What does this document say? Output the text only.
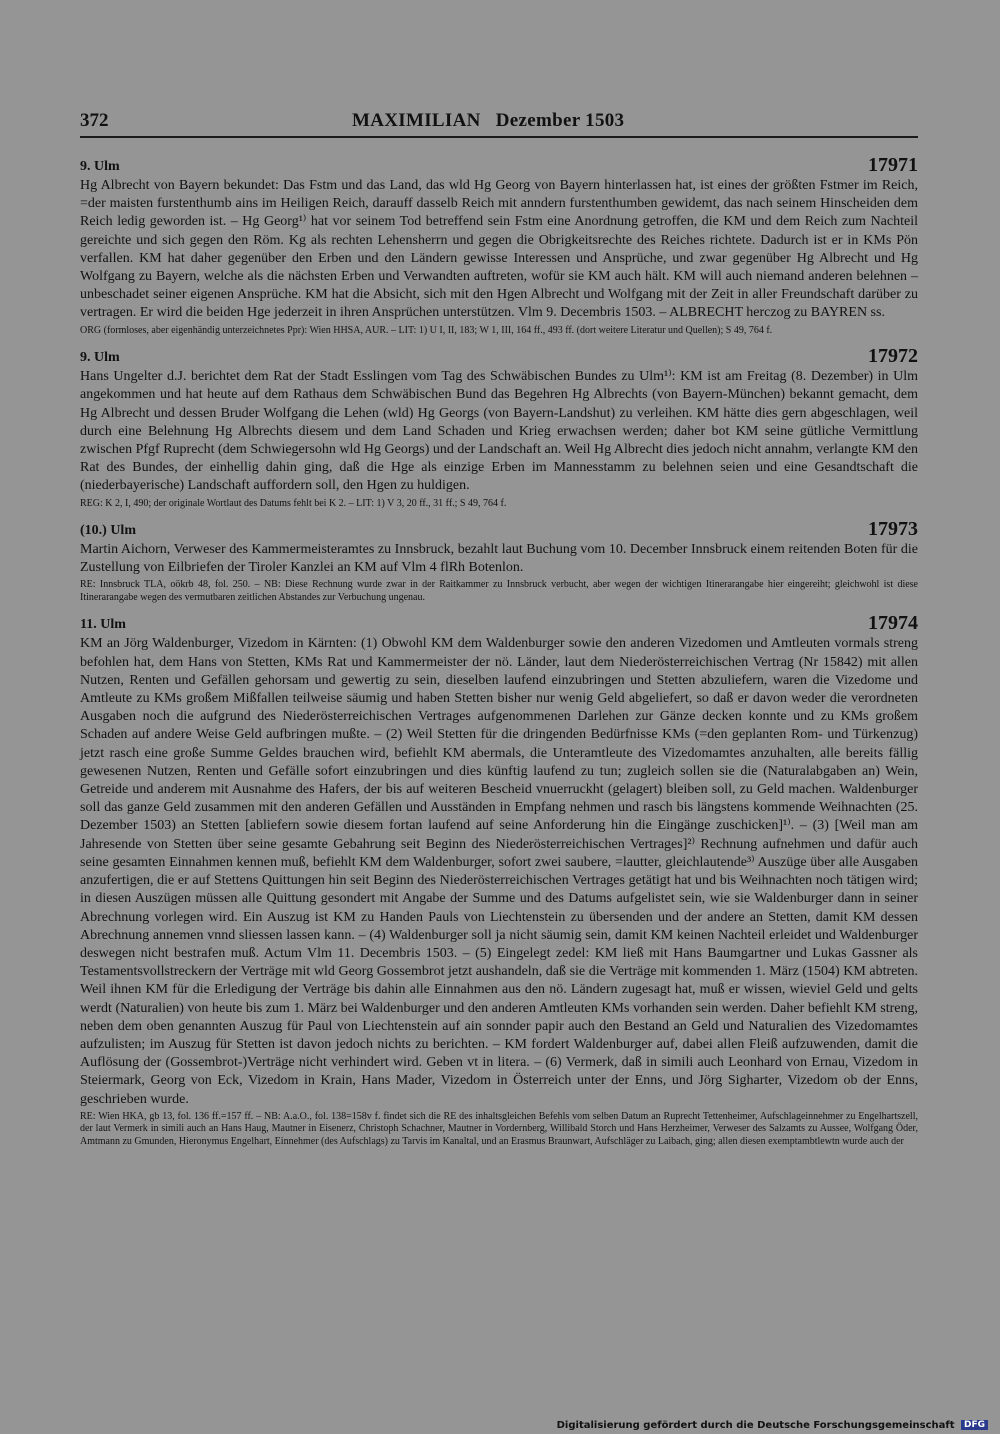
372	MAXIMILIAN   Dezember 1503
9. Ulm	17971

Hg Albrecht von Bayern bekundet: Das Fstm und das Land, das wld Hg Georg von Bayern hinterlassen hat, ist eines der größten Fstmer im Reich, =der maisten furstenthumb ains im Heiligen Reich, darauff dasselb Reich mit anndern furstenthumben gewidemt, das nach seinem Hinscheiden dem Reich ledig geworden ist. – Hg Georg¹⁾ hat vor seinem Tod betreffend sein Fstm eine Anordnung getroffen, die KM und dem Reich zum Nachteil gereichte und sich gegen den Röm. Kg als rechten Lehensherrn und gegen die Obrigkeitsrechte des Reiches richtete. Dadurch ist er in KMs Pön verfallen. KM hat daher gegenüber den Erben und den Ländern gewisse Interessen und Ansprüche, und zwar gegenüber Hg Albrecht und Hg Wolfgang zu Bayern, welche als die nächsten Erben und Verwandten auftreten, wofür sie KM auch hält. KM will auch niemand anderen belehnen – unbeschadet seiner eigenen Ansprüche. KM hat die Absicht, sich mit den Hgen Albrecht und Wolfgang mit der Zeit in aller Freundschaft darüber zu vertragen. Er wird die beiden Hge jederzeit in ihren Ansprüchen unterstützen. Vlm 9. Decembris 1503. – ALBRECHT herczog zu BAYREN ss.

ORG (formloses, aber eigenhändig unterzeichnetes Ppr): Wien HHSA, AUR. – LIT: 1) U I, II, 183; W 1, III, 164 ff., 493 ff. (dort weitere Literatur und Quellen); S 49, 764 f.

9. Ulm	17972

Hans Ungelter d.J. berichtet dem Rat der Stadt Esslingen vom Tag des Schwäbischen Bundes zu Ulm¹⁾: KM ist am Freitag (8. Dezember) in Ulm angekommen und hat heute auf dem Rathaus dem Schwäbischen Bund das Begehren Hg Albrechts (von Bayern-München) bekannt gemacht, dem Hg Albrecht und dessen Bruder Wolfgang die Lehen (wld) Hg Georgs (von Bayern-Landshut) zu verleihen. KM hätte dies gern abgeschlagen, weil durch eine Belehnung Hg Albrechts diesem und dem Land Schaden und Krieg erwachsen werden; daher bot KM seine gütliche Vermittlung zwischen Pfgf Ruprecht (dem Schwiegersohn wld Hg Georgs) und der Landschaft an. Weil Hg Albrecht dies jedoch nicht annahm, verlangte KM den Rat des Bundes, der einhellig dahin ging, daß die Hge als einzige Erben im Mannesstamm zu belehnen seien und eine Gesandtschaft die (niederbayerische) Landschaft auffordern soll, den Hgen zu huldigen.

REG: K 2, I, 490; der originale Wortlaut des Datums fehlt bei K 2. – LIT: 1) V 3, 20 ff., 31 ff.; S 49, 764 f.

(10.) Ulm	17973

Martin Aichorn, Verweser des Kammermeisteramtes zu Innsbruck, bezahlt laut Buchung vom 10. December Innsbruck einem reitenden Boten für die Zustellung von Eilbriefen der Tiroler Kanzlei an KM auf Vlm 4 flRh Botenlon.

RE: Innsbruck TLA, oökrb 48, fol. 250. – NB: Diese Rechnung wurde zwar in der Raitkammer zu Innsbruck verbucht, aber wegen der wichtigen Itinerarangabe hier eingereiht; gleichwohl ist diese Itinerarangabe wegen des vermutbaren zeitlichen Abstandes zur Verbuchung ungenau.

11. Ulm	17974

KM an Jörg Waldenburger, Vizedom in Kärnten: (1) Obwohl KM dem Waldenburger sowie den anderen Vizedomen und Amtleuten vormals streng befohlen hat, dem Hans von Stetten, KMs Rat und Kammermeister der nö. Länder, laut dem Niederösterreichischen Vertrag (Nr 15842) mit allen Nutzen, Renten und Gefällen gehorsam und gewertig zu sein, dieselben laufend einzubringen und Stetten abzuliefern, waren die Vizedome und Amtleute zu KMs großem Mißfallen teilweise säumig und haben Stetten bisher nur wenig Geld abgeliefert, so daß er davon weder die verordneten Ausgaben noch die aufgrund des Niederösterreichischen Vertrages aufgenommenen Darlehen zur Gänze decken konnte und zu KMs großem Schaden auf andere Weise Geld aufbringen mußte. – (2) Weil Stetten für die dringenden Bedürfnisse KMs (=den geplanten Rom- und Türkenzug) jetzt rasch eine große Summe Geldes brauchen wird, befiehlt KM abermals, die Unteramtleute des Vizedomamtes anzuhalten, alle bereits fällig gewesenen Nutzen, Renten und Gefälle sofort einzubringen und dies künftig laufend zu tun; zugleich sollen sie die (Naturalabgaben an) Wein, Getreide und anderem mit Ausnahme des Hafers, der bis auf weiteren Bescheid vnuerruckht (gelagert) bleiben soll, zu Geld machen. Waldenburger soll das ganze Geld zusammen mit den anderen Gefällen und Ausständen in Empfang nehmen und rasch bis längstens kommende Weihnachten (25. Dezember 1503) an Stetten [abliefern sowie diesem fortan laufend auf seine Anforderung hin die Eingänge zuschicken]¹⁾. – (3) [Weil man am Jahresende von Stetten über seine gesamte Gebahrung seit Beginn des Niederösterreichischen Vertrages]²⁾ Rechnung aufnehmen und dafür auch seine gesamten Einnahmen kennen muß, befiehlt KM dem Waldenburger, sofort zwei saubere, =lautter, gleichlautende³⁾ Auszüge über alle Ausgaben anzufertigen, die er auf Stettens Quittungen hin seit Beginn des Niederösterreichischen Vertrages getätigt hat und bis Weihnachten noch tätigen wird; in diesen Auszügen müssen alle Quittung gesondert mit Angabe der Summe und des Datums aufgelistet sein, wie sie Waldenburger dann in seiner Abrechnung vorlegen wird. Ein Auszug ist KM zu Handen Pauls von Liechtenstein zu übersenden und der andere an Stetten, damit KM dessen Abrechnung annemen vnnd sliessen lassen kann. – (4) Waldenburger soll ja nicht säumig sein, damit KM keinen Nachteil erleidet und Waldenburger deswegen nicht bestrafen muß. Actum Vlm 11. Decembris 1503. – (5) Eingelegt zedel: KM ließ mit Hans Baumgartner und Lukas Gassner als Testamentsvollstreckern der Verträge mit wld Georg Gossembrot jetzt aushandeln, daß sie die Verträge mit kommenden 1. März (1504) KM abtreten. Weil ihnen KM für die Erledigung der Verträge bis dahin alle Einnahmen aus den nö. Ländern zugesagt hat, muß er wissen, wieviel Geld und gelts werdt (Naturalien) von heute bis zum 1. März bei Waldenburger und den anderen Amtleuten KMs vorhanden sein werden. Daher befiehlt KM streng, neben dem oben genannten Auszug für Paul von Liechtenstein auf ain sonnder papir auch den Bestand an Geld und Naturalien des Vizedomamtes aufzulisten; im Auszug für Stetten ist davon jedoch nichts zu berichten. – KM fordert Waldenburger auf, dabei allen Fleiß aufzuwenden, damit die Auflösung der (Gossembrot-)Verträge nicht verhindert wird. Geben vt in litera. – (6) Vermerk, daß in simili auch Leonhard von Ernau, Vizedom in Steiermark, Georg von Eck, Vizedom in Krain, Hans Mader, Vizedom in Österreich unter der Enns, und Jörg Sigharter, Vizedom ob der Enns, geschrieben wurde.

RE: Wien HKA, gb 13, fol. 136 ff.=157 ff. – NB: A.a.O., fol. 138=158v f. findet sich die RE des inhaltsgleichen Befehls vom selben Datum an Ruprecht Tettenheimer, Aufschlageinnehmer zu Engelhartszell, der laut Vermerk in simili auch an Hans Haug, Mautner in Eisenerz, Christoph Schachner, Mautner in Vordernberg, Willibald Storch und Hans Herzheimer, Verweser des Salzamts zu Aussee, Wolfgang Öder, Amtmann zu Gmunden, Hieronymus Engelhart, Einnehmer (des Aufschlags) zu Tarvis im Kanaltal, und an Erasmus Braunwart, Aufschläger zu Laibach, ging; allen diesen exemptambtlewtn wurde auch der

Digitalisierung gefördert durch die Deutsche Forschungsgemeinschaft DFG
